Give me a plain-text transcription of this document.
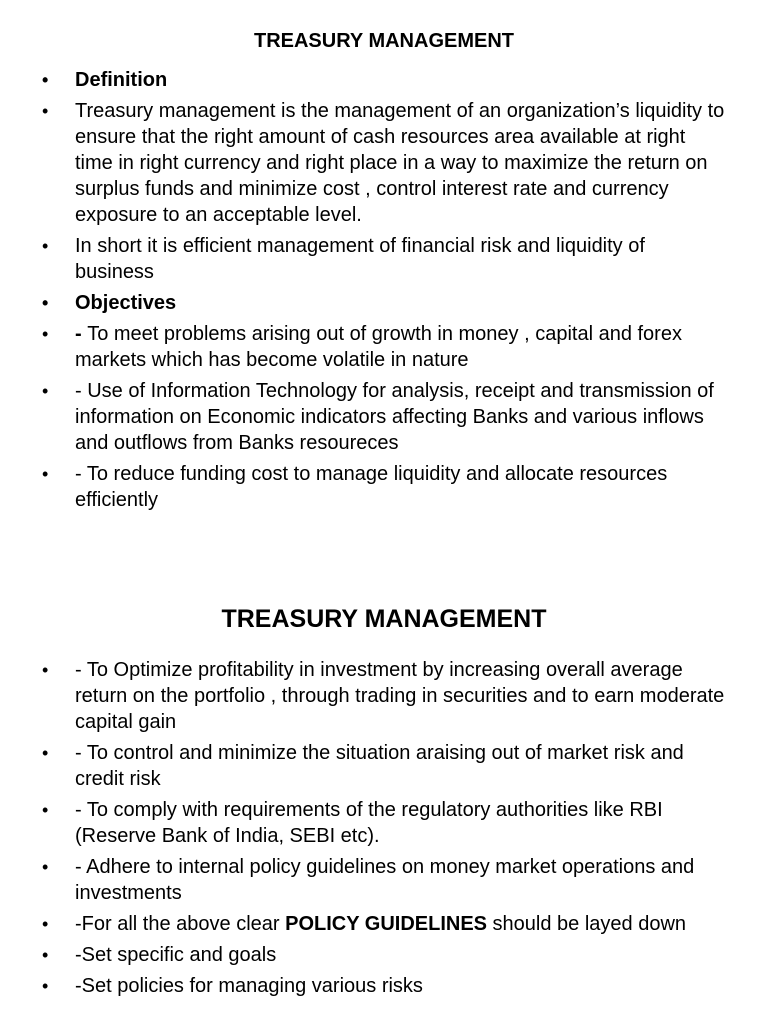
TREASURY MANAGEMENT
• Definition
• Treasury management is the management of an organization’s liquidity to ensure that the right amount of cash resources area available at right time in right currency and right place in a way to maximize the return on surplus funds and minimize cost , control interest rate and currency exposure to an acceptable level.
• In short it is efficient management of financial risk and liquidity of business
• Objectives
• - To meet problems arising out of growth in money , capital and forex markets which has become volatile in nature
• - Use of Information Technology for analysis, receipt and transmission of information on Economic indicators affecting Banks and various inflows and outflows from Banks resoureces
• - To reduce funding cost to manage liquidity and allocate resources efficiently
TREASURY MANAGEMENT
• - To Optimize profitability in investment by increasing overall average return on the portfolio , through trading in securities and to earn moderate capital gain
• - To control and minimize the situation araising out of market risk and credit risk
• - To comply with requirements of the regulatory authorities like RBI (Reserve Bank of India, SEBI etc).
• - Adhere to internal policy guidelines on money market operations and investments
• -For all the above clear POLICY GUIDELINES should be layed down
• -Set specific and goals
• -Set policies for managing various risks
